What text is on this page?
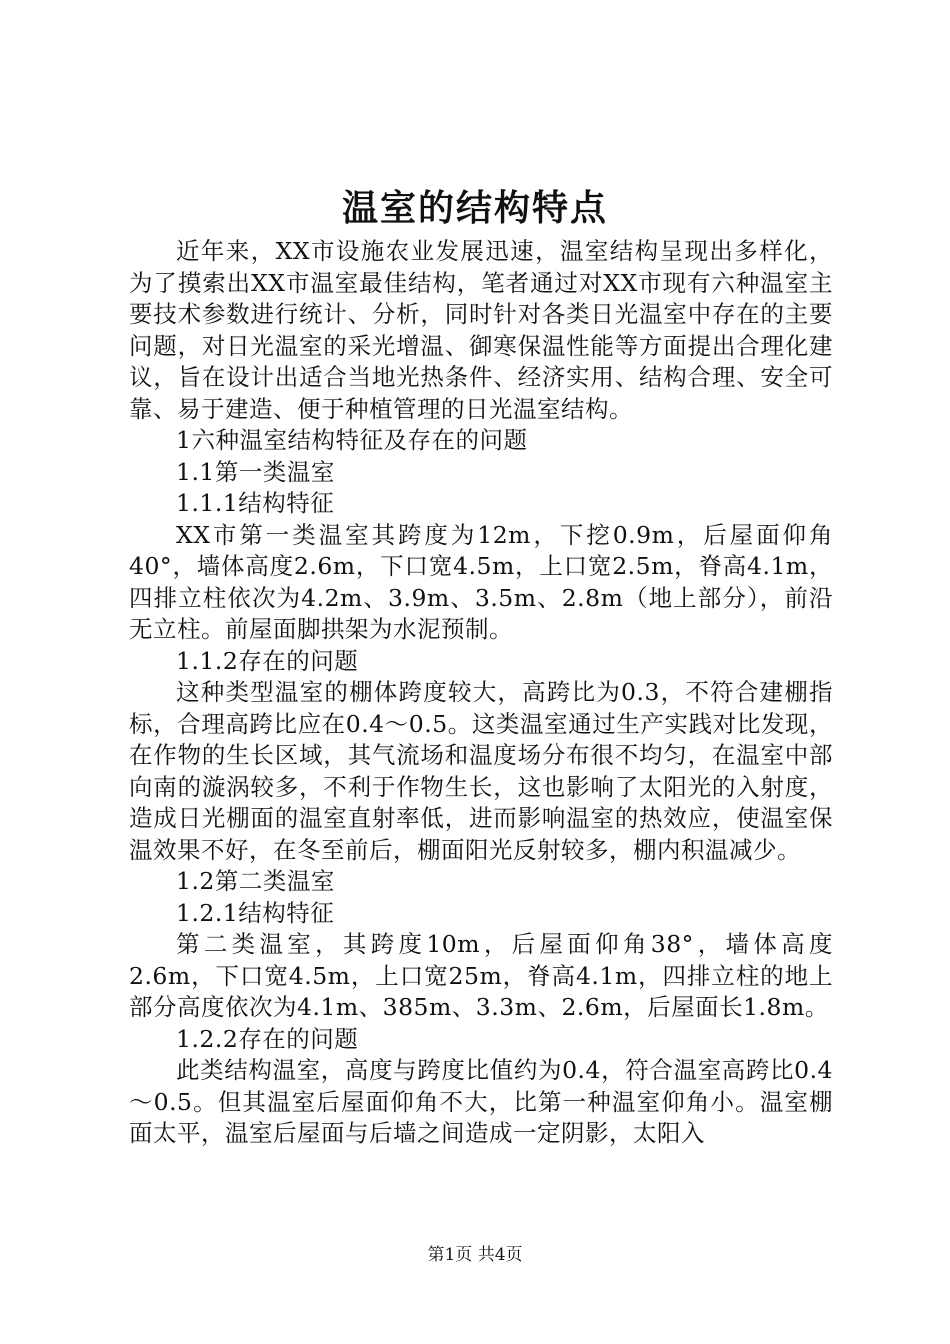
温室的结构特点

近年来，XX市设施农业发展迅速，温室结构呈现出多样化，为了摸索出XX市温室最佳结构，笔者通过对XX市现有六种温室主要技术参数进行统计、分析，同时针对各类日光温室中存在的主要问题，对日光温室的采光增温、御寒保温性能等方面提出合理化建议，旨在设计出适合当地光热条件、经济实用、结构合理、安全可靠、易于建造、便于种植管理的日光温室结构。

1六种温室结构特征及存在的问题

1.1第一类温室

1.1.1结构特征

XX市第一类温室其跨度为12m，下挖0.9m，后屋面仰角40°，墙体高度2.6m，下口宽4.5m，上口宽2.5m，脊高4.1m，四排立柱依次为4.2m、3.9m、3.5m、2.8m（地上部分），前沿无立柱。前屋面脚拱架为水泥预制。

1.1.2存在的问题

这种类型温室的棚体跨度较大，高跨比为0.3，不符合建棚指标，合理高跨比应在0.4～0.5。这类温室通过生产实践对比发现，在作物的生长区域，其气流场和温度场分布很不均匀，在温室中部向南的漩涡较多，不利于作物生长，这也影响了太阳光的入射度，造成日光棚面的温室直射率低，进而影响温室的热效应，使温室保温效果不好，在冬至前后，棚面阳光反射较多，棚内积温减少。

1.2第二类温室

1.2.1结构特征

第二类温室，其跨度10m，后屋面仰角38°，墙体高度2.6m，下口宽4.5m，上口宽25m，脊高4.1m，四排立柱的地上部分高度依次为4.1m、385m、3.3m、2.6m，后屋面长1.8m。

1.2.2存在的问题

此类结构温室，高度与跨度比值约为0.4，符合温室高跨比0.4～0.5。但其温室后屋面仰角不大，比第一种温室仰角小。温室棚面太平，温室后屋面与后墙之间造成一定阴影，太阳入

第1页 共4页
